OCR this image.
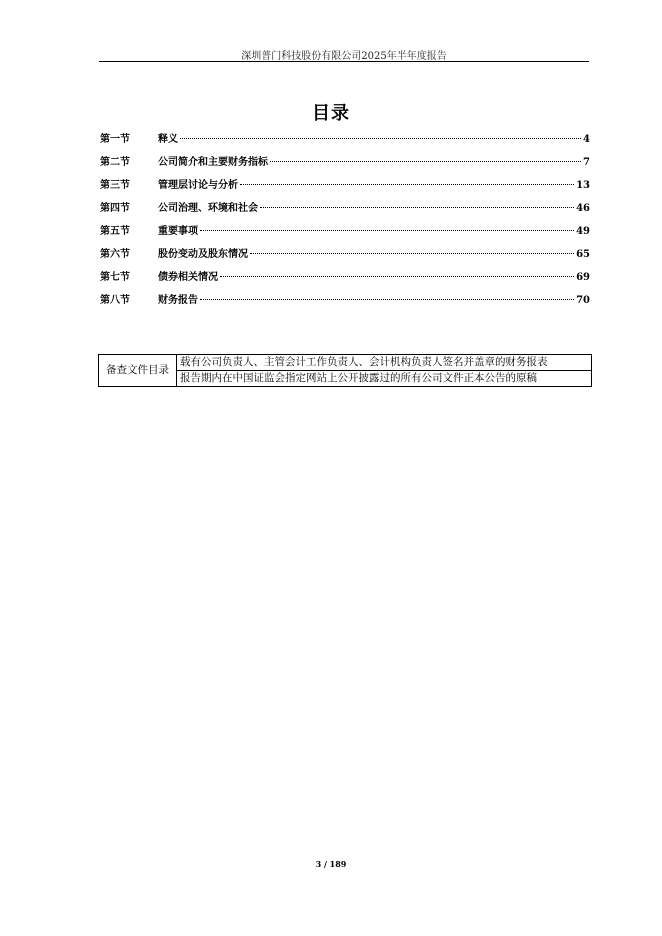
深圳普门科技股份有限公司2025年半年度报告
目录
第一节	释义	4
第二节	公司简介和主要财务指标	7
第三节	管理层讨论与分析	13
第四节	公司治理、环境和社会	46
第五节	重要事项	49
第六节	股份变动及股东情况	65
第七节	债券相关情况	69
第八节	财务报告	70
备查文件目录	载有公司负责人、主管会计工作负责人、会计机构负责人签名并盖章的财务报表
报告期内在中国证监会指定网站上公开披露过的所有公司文件正本公告的原稿
3 / 189
